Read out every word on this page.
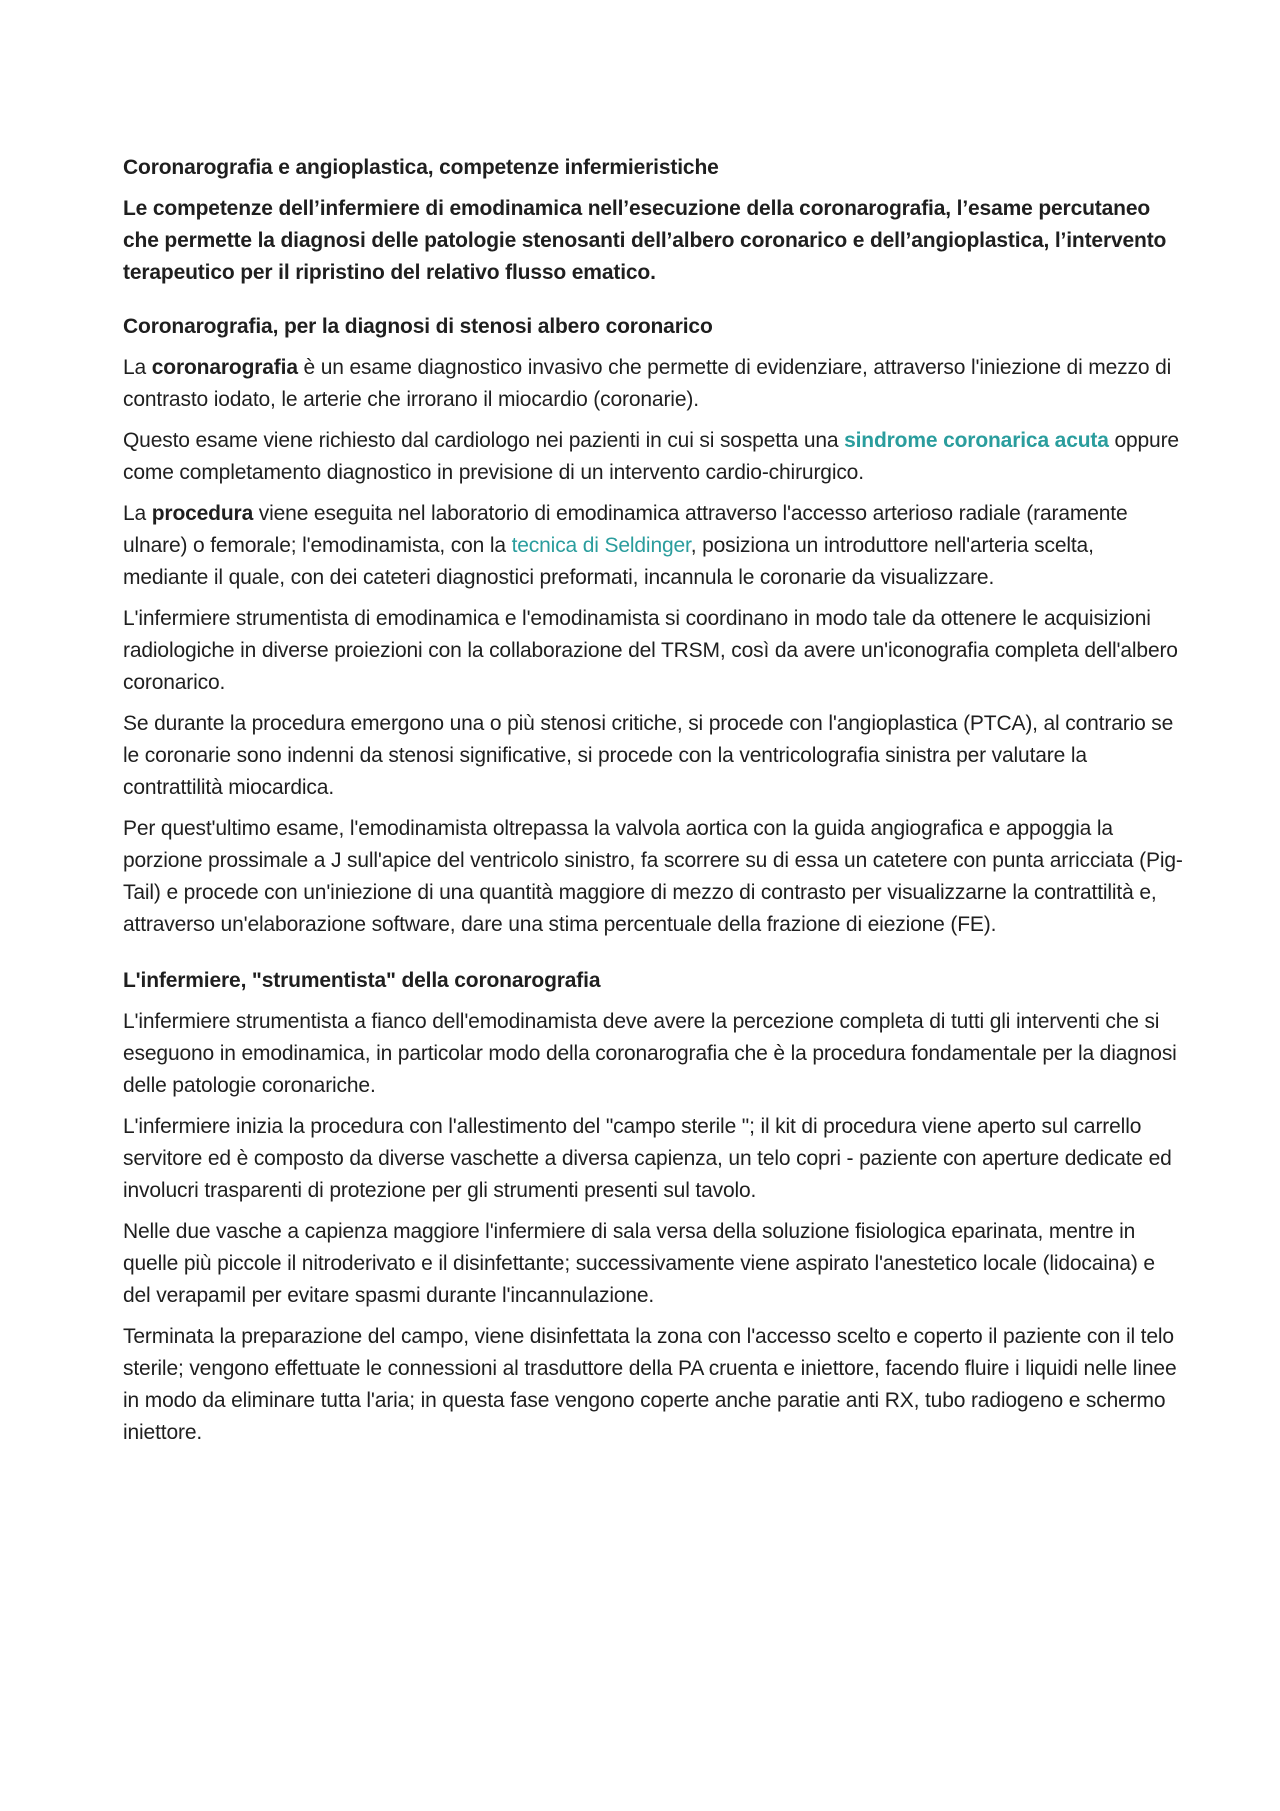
Coronarografia e angioplastica, competenze infermieristiche

Le competenze dell’infermiere di emodinamica nell’esecuzione della coronarografia, l’esame percutaneo che permette la diagnosi delle patologie stenosanti dell’albero coronarico e dell’angioplastica, l’intervento terapeutico per il ripristino del relativo flusso ematico.

Coronarografia, per la diagnosi di stenosi albero coronarico

La coronarografia è un esame diagnostico invasivo che permette di evidenziare, attraverso l'iniezione di mezzo di contrasto iodato, le arterie che irrorano il miocardio (coronarie).

Questo esame viene richiesto dal cardiologo nei pazienti in cui si sospetta una sindrome coronarica acuta oppure come completamento diagnostico in previsione di un intervento cardio-chirurgico.

La procedura viene eseguita nel laboratorio di emodinamica attraverso l'accesso arterioso radiale (raramente ulnare) o femorale; l'emodinamista, con la tecnica di Seldinger, posiziona un introduttore nell'arteria scelta, mediante il quale, con dei cateteri diagnostici preformati, incannula le coronarie da visualizzare.

L'infermiere strumentista di emodinamica e l'emodinamista si coordinano in modo tale da ottenere le acquisizioni radiologiche in diverse proiezioni con la collaborazione del TRSM, così da avere un'iconografia completa dell'albero coronarico.

Se durante la procedura emergono una o più stenosi critiche, si procede con l'angioplastica (PTCA), al contrario se le coronarie sono indenni da stenosi significative, si procede con la ventricolografia sinistra per valutare la contrattilità miocardica.

Per quest'ultimo esame, l'emodinamista oltrepassa la valvola aortica con la guida angiografica e appoggia la porzione prossimale a J sull'apice del ventricolo sinistro, fa scorrere su di essa un catetere con punta arricciata (Pig-Tail) e procede con un'iniezione di una quantità maggiore di mezzo di contrasto per visualizzarne la contrattilità e, attraverso un'elaborazione software, dare una stima percentuale della frazione di eiezione (FE).

L'infermiere, "strumentista" della coronarografia

L'infermiere strumentista a fianco dell'emodinamista deve avere la percezione completa di tutti gli interventi che si eseguono in emodinamica, in particolar modo della coronarografia che è la procedura fondamentale per la diagnosi delle patologie coronariche.

L'infermiere inizia la procedura con l'allestimento del "campo sterile "; il kit di procedura viene aperto sul carrello servitore ed è composto da diverse vaschette a diversa capienza, un telo copri - paziente con aperture dedicate ed involucri trasparenti di protezione per gli strumenti presenti sul tavolo.

Nelle due vasche a capienza maggiore l'infermiere di sala versa della soluzione fisiologica eparinata, mentre in quelle più piccole il nitroderivato e il disinfettante; successivamente viene aspirato l'anestetico locale (lidocaina) e del verapamil per evitare spasmi durante l'incannulazione.

Terminata la preparazione del campo, viene disinfettata la zona con l'accesso scelto e coperto il paziente con il telo sterile; vengono effettuate le connessioni al trasduttore della PA cruenta e iniettore, facendo fluire i liquidi nelle linee in modo da eliminare tutta l'aria; in questa fase vengono coperte anche paratie anti RX, tubo radiogeno e schermo iniettore.
